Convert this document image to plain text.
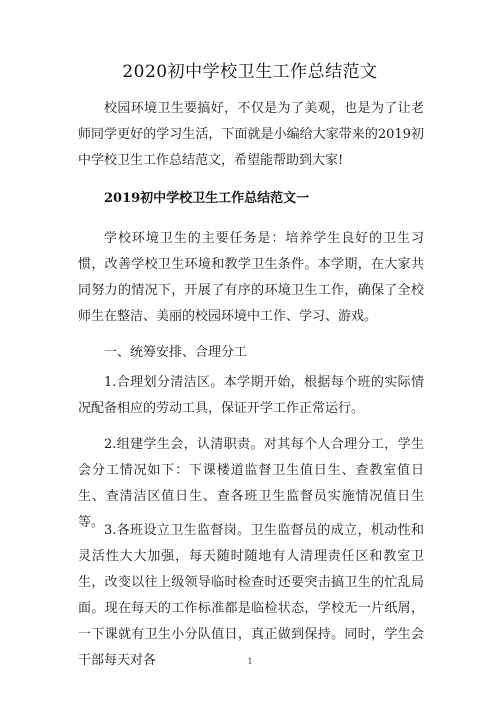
2020初中学校卫生工作总结范文

校园环境卫生要搞好，不仅是为了美观，也是为了让老师同学更好的学习生活，下面就是小编给大家带来的2019初中学校卫生工作总结范文，希望能帮助到大家!

2019初中学校卫生工作总结范文一

学校环境卫生的主要任务是：培养学生良好的卫生习惯，改善学校卫生环境和教学卫生条件。本学期，在大家共同努力的情况下，开展了有序的环境卫生工作，确保了全校师生在整洁、美丽的校园环境中工作、学习、游戏。

一、统筹安排、合理分工

1.合理划分清洁区。本学期开始，根据每个班的实际情况配备相应的劳动工具，保证开学工作正常运行。

2.组建学生会，认清职责。对其每个人合理分工，学生会分工情况如下：下课楼道监督卫生值日生、查教室值日生、查清洁区值日生、查各班卫生监督员实施情况值日生等。

3.各班设立卫生监督岗。卫生监督员的成立，机动性和灵活性大大加强，每天随时随地有人清理责任区和教室卫生，改变以往上级领导临时检查时还要突击搞卫生的忙乱局面。现在每天的工作标准都是临检状态，学校无一片纸屑，一下课就有卫生小分队值日，真正做到保持。同时，学生会干部每天对各	1
